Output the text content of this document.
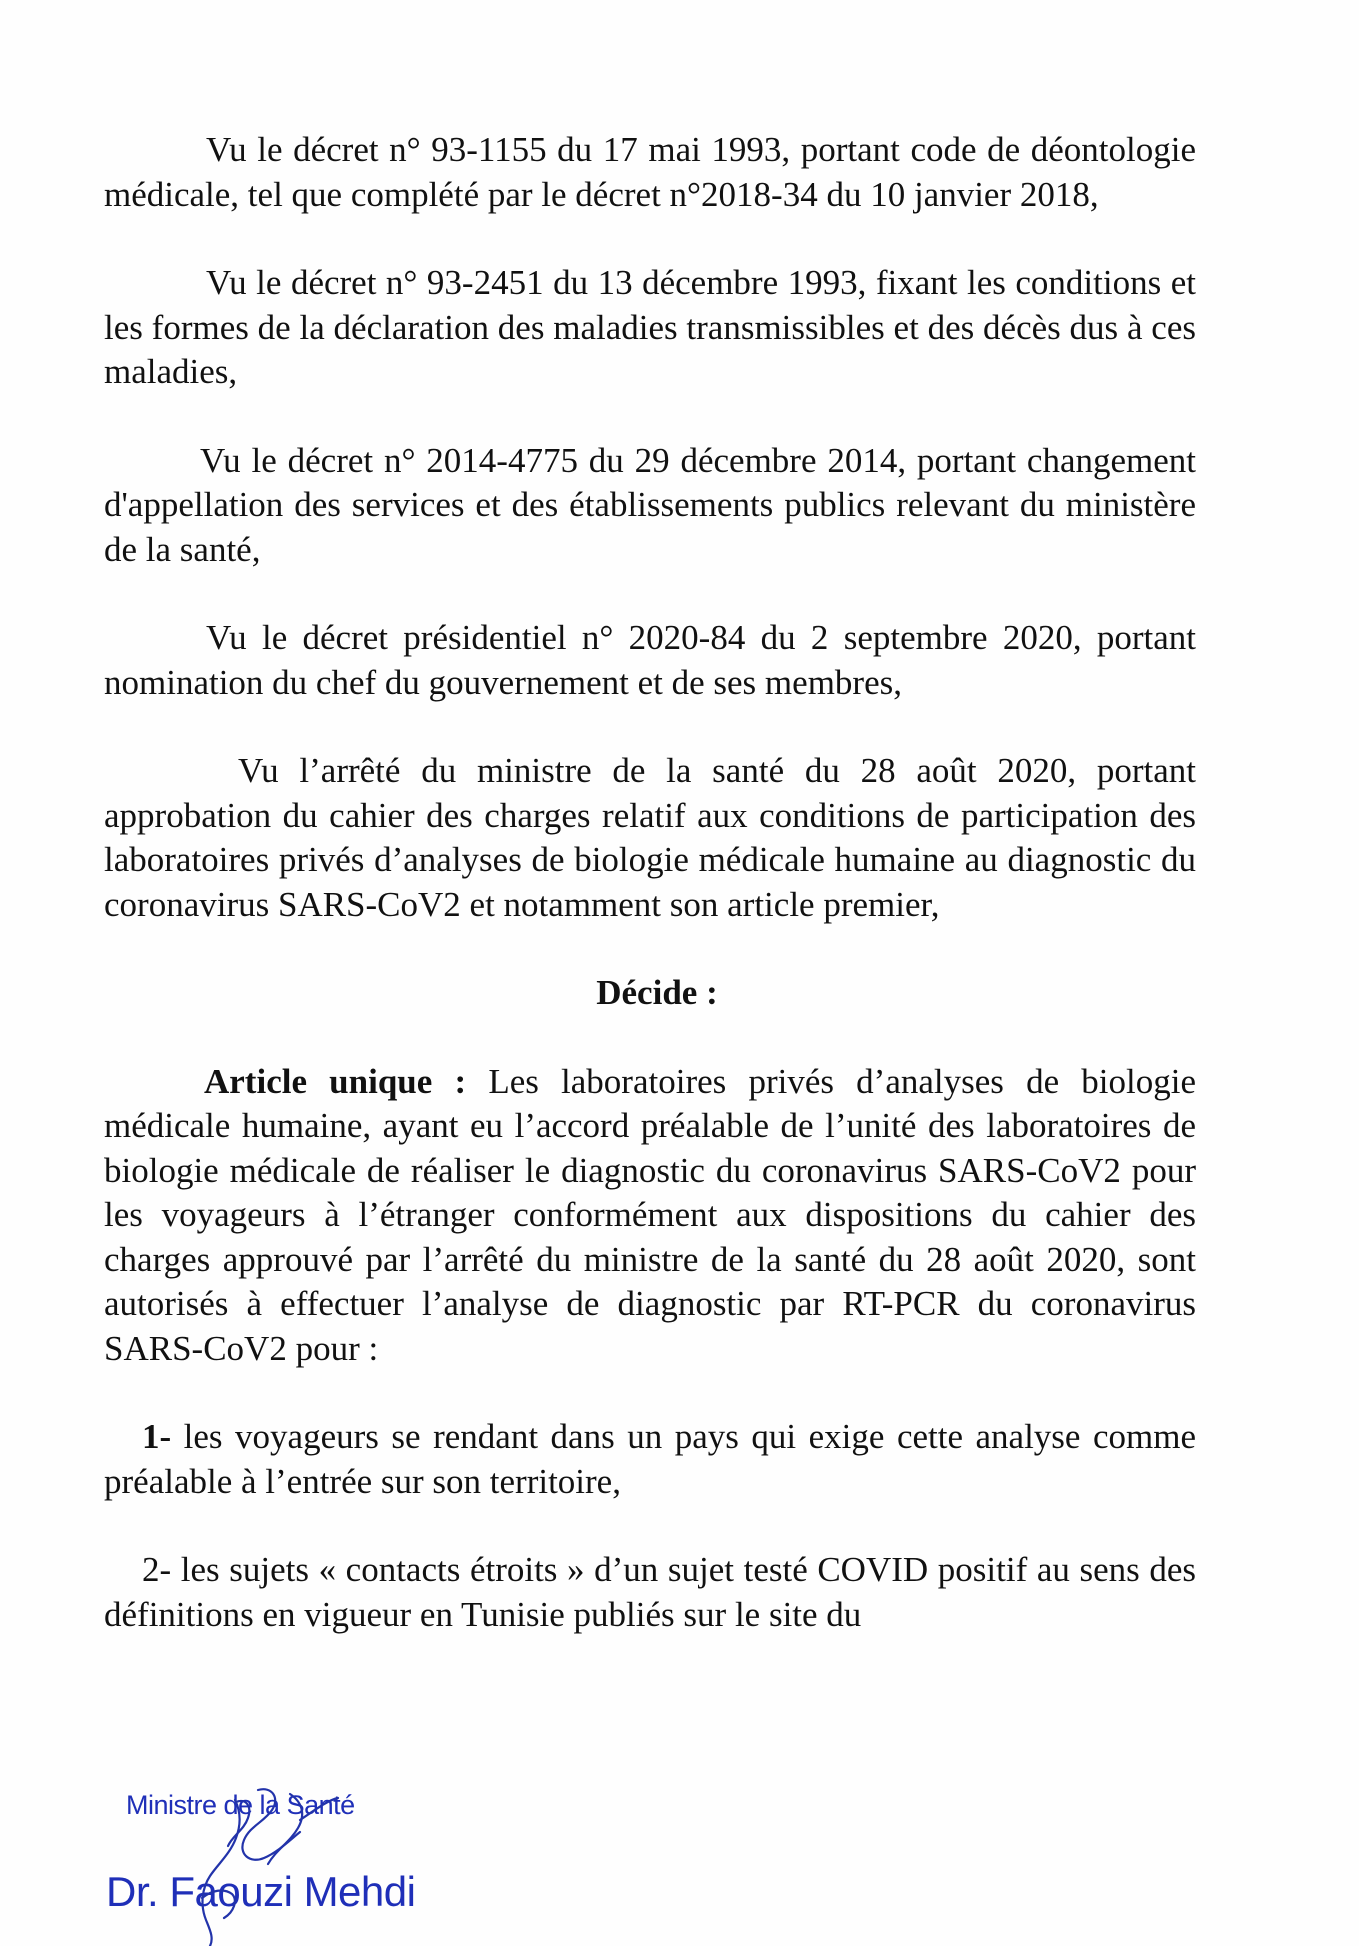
Vu le décret n° 93-1155 du 17 mai 1993, portant code de déontologie médicale, tel que complété par le décret n°2018-34 du 10 janvier 2018,

Vu le décret n° 93-2451 du 13 décembre 1993, fixant les conditions et les formes de la déclaration des maladies transmissibles et des décès dus à ces maladies,

Vu le décret n° 2014-4775 du 29 décembre 2014, portant changement d'appellation des services et des établissements publics relevant du ministère de la santé,

Vu le décret présidentiel n° 2020-84 du 2 septembre 2020, portant nomination du chef du gouvernement et de ses membres,

Vu l’arrêté du ministre de la santé du 28 août 2020, portant approbation du cahier des charges relatif aux conditions de participation des laboratoires privés d’analyses de biologie médicale humaine au diagnostic du coronavirus SARS-CoV2 et notamment son article premier,

Décide :

Article unique : Les laboratoires privés d’analyses de biologie médicale humaine, ayant eu l’accord préalable de l’unité des laboratoires de biologie médicale de réaliser le diagnostic du coronavirus SARS-CoV2 pour les voyageurs à l’étranger conformément aux dispositions du cahier des charges approuvé par l’arrêté du ministre de la santé du 28 août 2020, sont autorisés à effectuer l’analyse de diagnostic par RT-PCR du coronavirus SARS-CoV2 pour :

1- les voyageurs se rendant dans un pays qui exige cette analyse comme préalable à l’entrée sur son territoire,

2- les sujets « contacts étroits » d’un sujet testé COVID positif au sens des définitions en vigueur en Tunisie publiés sur le site du

Ministre de la Santé
Dr. Faouzi Mehdi
